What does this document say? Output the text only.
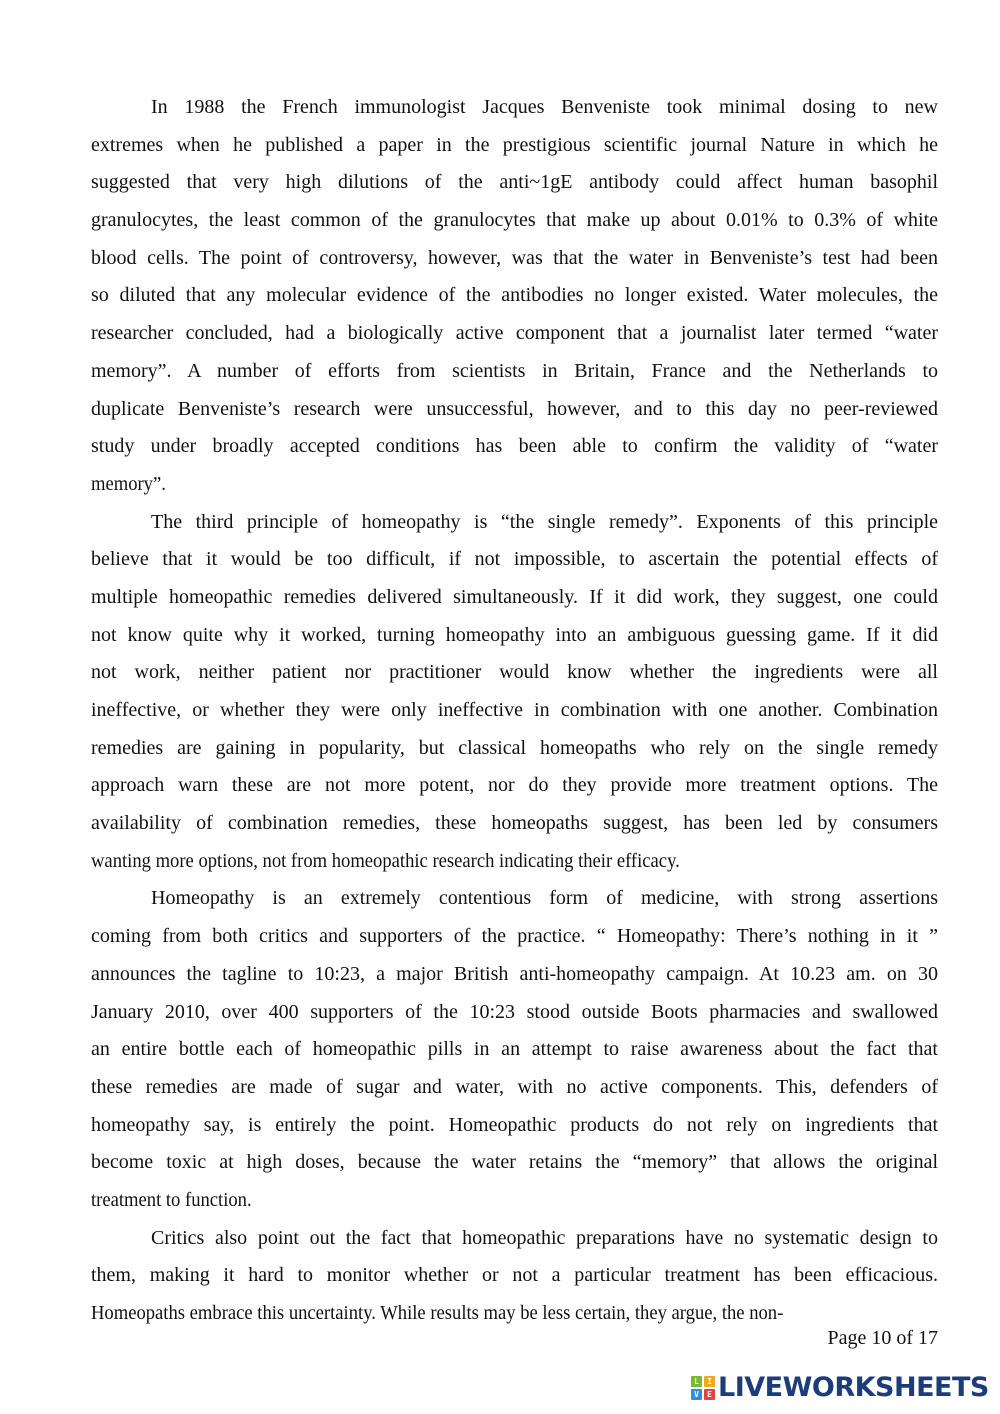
In 1988 the French immunologist Jacques Benveniste took minimal dosing to new
extremes when he published a paper in the prestigious scientific journal Nature in which he
suggested that very high dilutions of the anti~1gE antibody could affect human basophil
granulocytes, the least common of the granulocytes that make up about 0.01% to 0.3% of white
blood cells. The point of controversy, however, was that the water in Benveniste’s test had been
so diluted that any molecular evidence of the antibodies no longer existed. Water molecules, the
researcher concluded, had a biologically active component that a journalist later termed “water
memory”. A number of efforts from scientists in Britain, France and the Netherlands to
duplicate Benveniste’s research were unsuccessful, however, and to this day no peer-reviewed
study under broadly accepted conditions has been able to confirm the validity of “water
memory”.
The third principle of homeopathy is “the single remedy”. Exponents of this principle
believe that it would be too difficult, if not impossible, to ascertain the potential effects of
multiple homeopathic remedies delivered simultaneously. If it did work, they suggest, one could
not know quite why it worked, turning homeopathy into an ambiguous guessing game. If it did
not work, neither patient nor practitioner would know whether the ingredients were all
ineffective, or whether they were only ineffective in combination with one another. Combination
remedies are gaining in popularity, but classical homeopaths who rely on the single remedy
approach warn these are not more potent, nor do they provide more treatment options. The
availability of combination remedies, these homeopaths suggest, has been led by consumers
wanting more options, not from homeopathic research indicating their efficacy.
Homeopathy is an extremely contentious form of medicine, with strong assertions
coming from both critics and supporters of the practice. “ Homeopathy: There’s nothing in it ”
announces the tagline to 10:23, a major British anti-homeopathy campaign. At 10.23 am. on 30
January 2010, over 400 supporters of the 10:23 stood outside Boots pharmacies and swallowed
an entire bottle each of homeopathic pills in an attempt to raise awareness about the fact that
these remedies are made of sugar and water, with no active components. This, defenders of
homeopathy say, is entirely the point. Homeopathic products do not rely on ingredients that
become toxic at high doses, because the water retains the “memory” that allows the original
treatment to function.
Critics also point out the fact that homeopathic preparations have no systematic design to
them, making it hard to monitor whether or not a particular treatment has been efficacious.
Homeopaths embrace this uncertainty. While results may be less certain, they argue, the non-
Page 10 of 17
L	I
V	E LIVEWORKSHEETS
